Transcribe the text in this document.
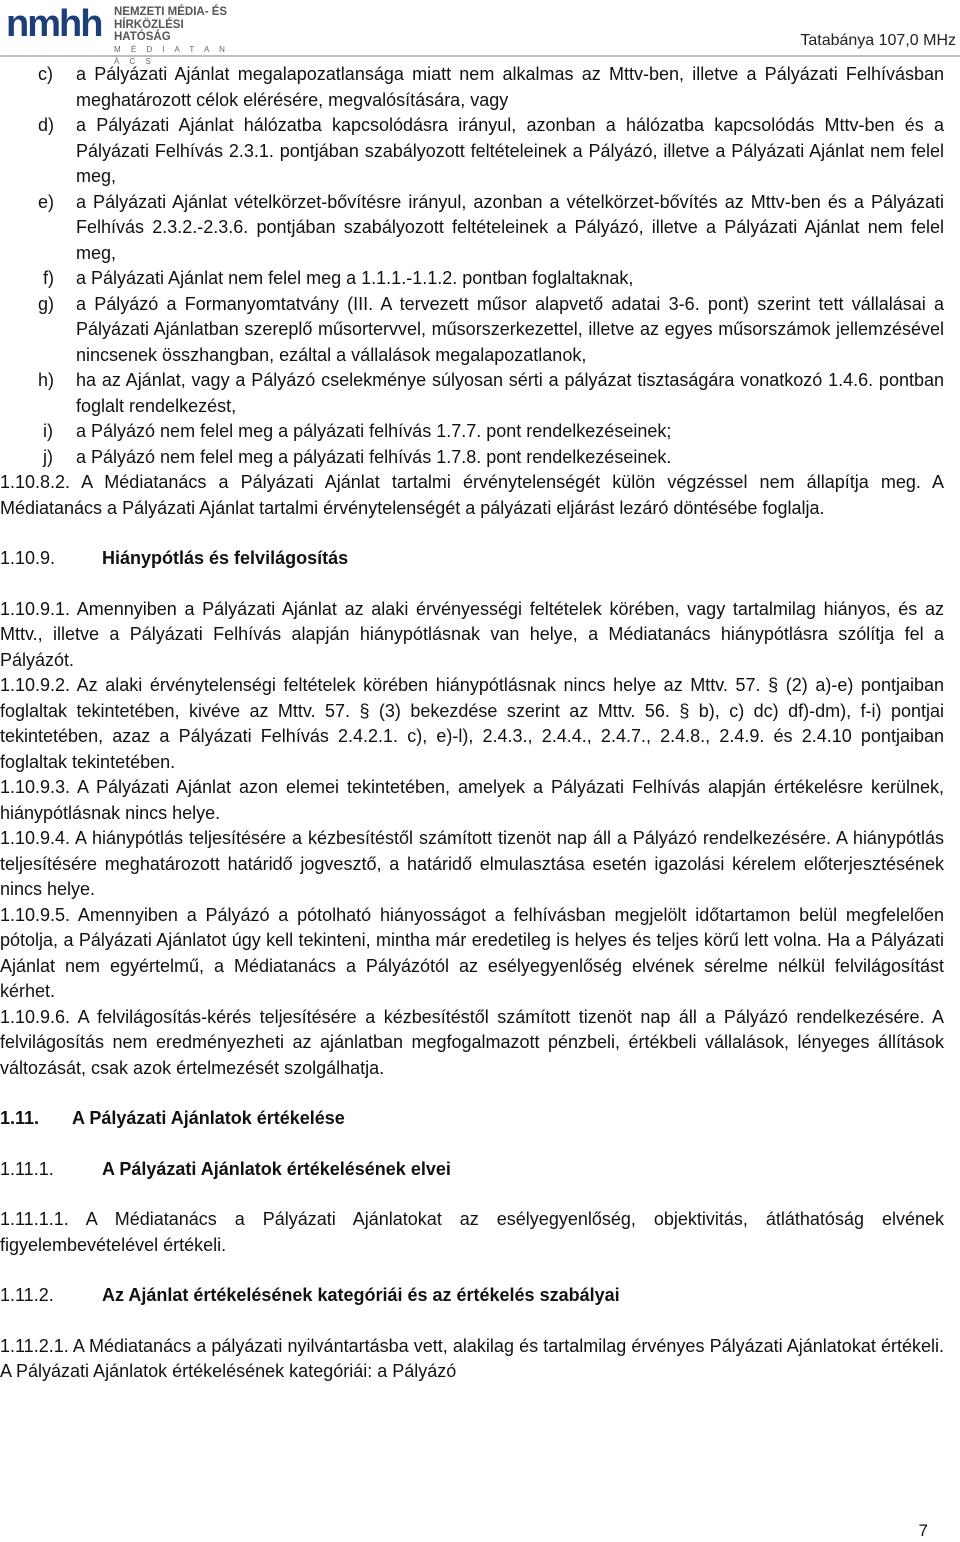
nmhh NEMZETI MÉDIA- ÉS
HÍRKÖZLÉSI HATÓSÁG
M É D I A T A N Á C S
Tatabánya 107,0 MHz
c) a Pályázati Ajánlat megalapozatlansága miatt nem alkalmas az Mttv-ben, illetve a Pályázati Felhívásban meghatározott célok elérésére, megvalósítására, vagy
d) a Pályázati Ajánlat hálózatba kapcsolódásra irányul, azonban a hálózatba kapcsolódás Mttv-ben és a Pályázati Felhívás 2.3.1. pontjában szabályozott feltételeinek a Pályázó, illetve a Pályázati Ajánlat nem felel meg,
e) a Pályázati Ajánlat vételkörzet-bővítésre irányul, azonban a vételkörzet-bővítés az Mttv-ben és a Pályázati Felhívás 2.3.2.-2.3.6. pontjában szabályozott feltételeinek a Pályázó, illetve a Pályázati Ajánlat nem felel meg,
f) a Pályázati Ajánlat nem felel meg a 1.1.1.-1.1.2. pontban foglaltaknak,
g) a Pályázó a Formanyomtatvány (III. A tervezett műsor alapvető adatai 3-6. pont) szerint tett vállalásai a Pályázati Ajánlatban szereplő műsortervvel, műsorszerkezettel, illetve az egyes műsorszámok jellemzésével nincsenek összhangban, ezáltal a vállalások megalapozatlanok,
h) ha az Ajánlat, vagy a Pályázó cselekménye súlyosan sérti a pályázat tisztaságára vonatkozó 1.4.6. pontban foglalt rendelkezést,
i) a Pályázó nem felel meg a pályázati felhívás 1.7.7. pont rendelkezéseinek;
j) a Pályázó nem felel meg a pályázati felhívás 1.7.8. pont rendelkezéseinek.
1.10.8.2. A Médiatanács a Pályázati Ajánlat tartalmi érvénytelenségét külön végzéssel nem állapítja meg. A Médiatanács a Pályázati Ajánlat tartalmi érvénytelenségét a pályázati eljárást lezáró döntésébe foglalja.
1.10.9.	Hiánypótlás és felvilágosítás
1.10.9.1. Amennyiben a Pályázati Ajánlat az alaki érvényességi feltételek körében, vagy tartalmilag hiányos, és az Mttv., illetve a Pályázati Felhívás alapján hiánypótlásnak van helye, a Médiatanács hiánypótlásra szólítja fel a Pályázót.
1.10.9.2. Az alaki érvénytelenségi feltételek körében hiánypótlásnak nincs helye az Mttv. 57. § (2) a)-e) pontjaiban foglaltak tekintetében, kivéve az Mttv. 57. § (3) bekezdése szerint az Mttv. 56. § b), c) dc) df)-dm), f-i) pontjai tekintetében, azaz a Pályázati Felhívás 2.4.2.1. c), e)-l), 2.4.3., 2.4.4., 2.4.7., 2.4.8., 2.4.9. és 2.4.10 pontjaiban foglaltak tekintetében.
1.10.9.3. A Pályázati Ajánlat azon elemei tekintetében, amelyek a Pályázati Felhívás alapján értékelésre kerülnek, hiánypótlásnak nincs helye.
1.10.9.4. A hiánypótlás teljesítésére a kézbesítéstől számított tizenöt nap áll a Pályázó rendelkezésére. A hiánypótlás teljesítésére meghatározott határidő jogvesztő, a határidő elmulasztása esetén igazolási kérelem előterjesztésének nincs helye.
1.10.9.5. Amennyiben a Pályázó a pótolható hiányosságot a felhívásban megjelölt időtartamon belül megfelelően pótolja, a Pályázati Ajánlatot úgy kell tekinteni, mintha már eredetileg is helyes és teljes körű lett volna. Ha a Pályázati Ajánlat nem egyértelmű, a Médiatanács a Pályázótól az esélyegyenlőség elvének sérelme nélkül felvilágosítást kérhet.
1.10.9.6. A felvilágosítás-kérés teljesítésére a kézbesítéstől számított tizenöt nap áll a Pályázó rendelkezésére. A felvilágosítás nem eredményezheti az ajánlatban megfogalmazott pénzbeli, értékbeli vállalások, lényeges állítások változását, csak azok értelmezését szolgálhatja.
1.11. A Pályázati Ajánlatok értékelése
1.11.1.	A Pályázati Ajánlatok értékelésének elvei
1.11.1.1. A Médiatanács a Pályázati Ajánlatokat az esélyegyenlőség, objektivitás, átláthatóság elvének figyelembevételével értékeli.
1.11.2.	Az Ajánlat értékelésének kategóriái és az értékelés szabályai
1.11.2.1. A Médiatanács a pályázati nyilvántartásba vett, alakilag és tartalmilag érvényes Pályázati Ajánlatokat értékeli. A Pályázati Ajánlatok értékelésének kategóriái: a Pályázó
7
